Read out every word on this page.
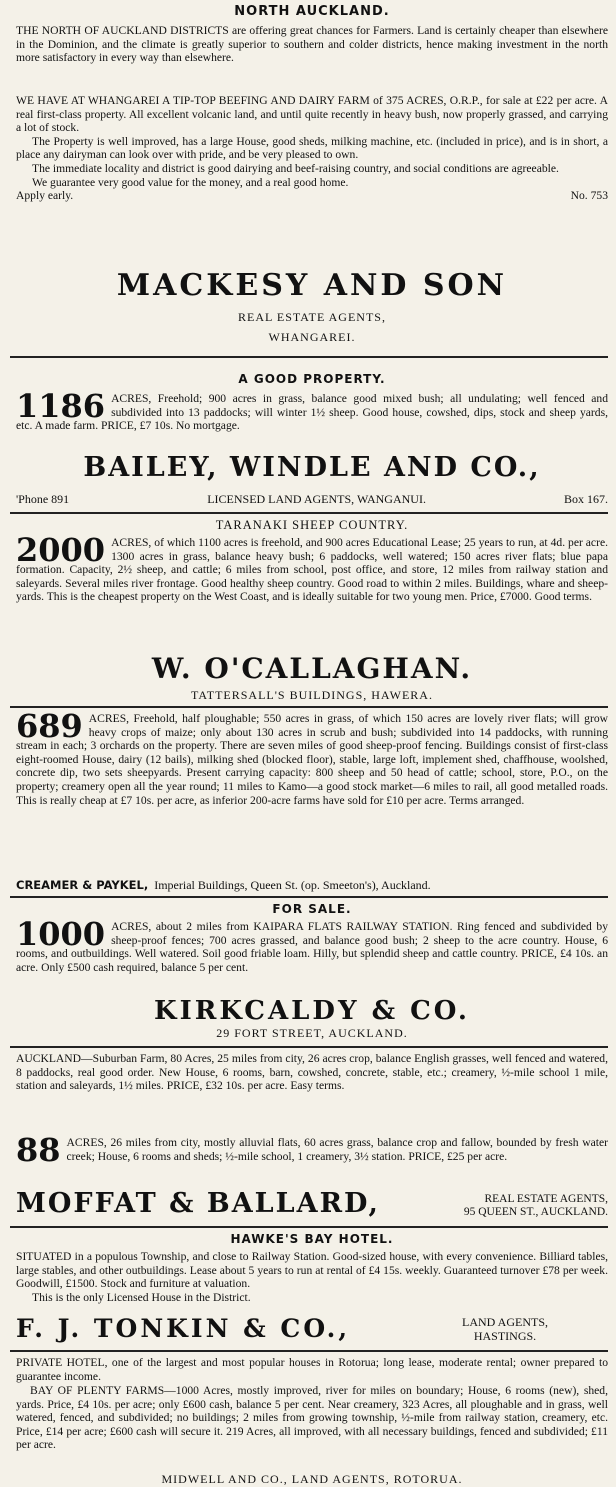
NORTH AUCKLAND.
THE NORTH OF AUCKLAND DISTRICTS are offering great chances for Farmers. Land is certainly cheaper than elsewhere in the Dominion, and the climate is greatly superior to southern and colder districts, hence making investment in the north more satisfactory in every way than elsewhere.
WE HAVE AT WHANGAREI A TIP-TOP BEEFING AND DAIRY FARM of 375 ACRES, O.R.P., for sale at £22 per acre. A real first-class property. All excellent volcanic land, and until quite recently in heavy bush, now properly grassed, and carrying a lot of stock.
The Property is well improved, has a large House, good sheds, milking machine, etc. (included in price), and is in short, a place any dairyman can look over with pride, and be very pleased to own.
The immediate locality and district is good dairying and beef-raising country, and social conditions are agreeable.
We guarantee very good value for the money, and a real good home.
Apply early.	No. 753
MACKESY AND SON
REAL ESTATE AGENTS,
WHANGAREI.
A GOOD PROPERTY.
1186 ACRES, Freehold; 900 acres in grass, balance good mixed bush; all undulating; well fenced and subdivided into 13 paddocks; will winter 1½ sheep. Good house, cowshed, dips, stock and sheep yards, etc. A made farm. PRICE, £7 10s. No mortgage.
BAILEY, WINDLE AND CO.,
'Phone 891	LICENSED LAND AGENTS, WANGANUI.	Box 167.
TARANAKI SHEEP COUNTRY.
2000 ACRES, of which 1100 acres is freehold, and 900 acres Educational Lease; 25 years to run, at 4d. per acre. 1300 acres in grass, balance heavy bush; 6 paddocks, well watered; 150 acres river flats; blue papa formation. Capacity, 2½ sheep, and cattle; 6 miles from school, post office, and store, 12 miles from railway station and saleyards. Several miles river frontage. Good healthy sheep country. Good road to within 2 miles. Buildings, whare and sheep-yards. This is the cheapest property on the West Coast, and is ideally suitable for two young men. Price, £7000. Good terms.
W. O'CALLAGHAN.
TATTERSALL'S BUILDINGS, HAWERA.
689 ACRES, Freehold, half ploughable; 550 acres in grass, of which 150 acres are lovely river flats; will grow heavy crops of maize; only about 130 acres in scrub and bush; subdivided into 14 paddocks, with running stream in each; 3 orchards on the property. There are seven miles of good sheep-proof fencing. Buildings consist of first-class eight-roomed House, dairy (12 bails), milking shed (blocked floor), stable, large loft, implement shed, chaffhouse, woolshed, concrete dip, two sets sheepyards. Present carrying capacity: 800 sheep and 50 head of cattle; school, store, P.O., on the property; creamery open all the year round; 11 miles to Kamo—a good stock market—6 miles to rail, all good metalled roads. This is really cheap at £7 10s. per acre, as inferior 200-acre farms have sold for £10 per acre. Terms arranged.
CREAMER & PAYKEL, Imperial Buildings, Queen St. (op. Smeeton's), Auckland.
FOR SALE.
1000 ACRES, about 2 miles from KAIPARA FLATS RAILWAY STATION. Ring fenced and subdivided by sheep-proof fences; 700 acres grassed, and balance good bush; 2 sheep to the acre country. House, 6 rooms, and outbuildings. Well watered. Soil good friable loam. Hilly, but splendid sheep and cattle country. PRICE, £4 10s. an acre. Only £500 cash required, balance 5 per cent.
KIRKCALDY & CO.
29 FORT STREET, AUCKLAND.
AUCKLAND—Suburban Farm, 80 Acres, 25 miles from city, 26 acres crop, balance English grasses, well fenced and watered, 8 paddocks, real good order. New House, 6 rooms, barn, cowshed, concrete, stable, etc.; creamery, ½-mile school 1 mile, station and saleyards, 1½ miles. PRICE, £32 10s. per acre. Easy terms.
88 ACRES, 26 miles from city, mostly alluvial flats, 60 acres grass, balance crop and fallow, bounded by fresh water creek; House, 6 rooms and sheds; ½-mile school, 1 creamery, 3½ station. PRICE, £25 per acre.
MOFFAT & BALLARD,	REAL ESTATE AGENTS,
95 QUEEN ST., AUCKLAND.
HAWKE'S BAY HOTEL.
SITUATED in a populous Township, and close to Railway Station. Good-sized house, with every convenience. Billiard tables, large stables, and other outbuildings. Lease about 5 years to run at rental of £4 15s. weekly. Guaranteed turnover £78 per week. Goodwill, £1500. Stock and furniture at valuation.
This is the only Licensed House in the District.
F. J. TONKIN & CO.,	LAND AGENTS,
HASTINGS.
PRIVATE HOTEL, one of the largest and most popular houses in Rotorua; long lease, moderate rental; owner prepared to guarantee income.
BAY OF PLENTY FARMS—1000 Acres, mostly improved, river for miles on boundary; House, 6 rooms (new), shed, yards. Price, £4 10s. per acre; only £600 cash, balance 5 per cent. Near creamery, 323 Acres, all ploughable and in grass, well watered, fenced, and subdivided; no buildings; 2 miles from growing township, ½-mile from railway station, creamery, etc. Price, £14 per acre; £600 cash will secure it. 219 Acres, all improved, with all necessary buildings, fenced and subdivided; £11 per acre.
MIDWELL AND CO., LAND AGENTS, ROTORUA.
